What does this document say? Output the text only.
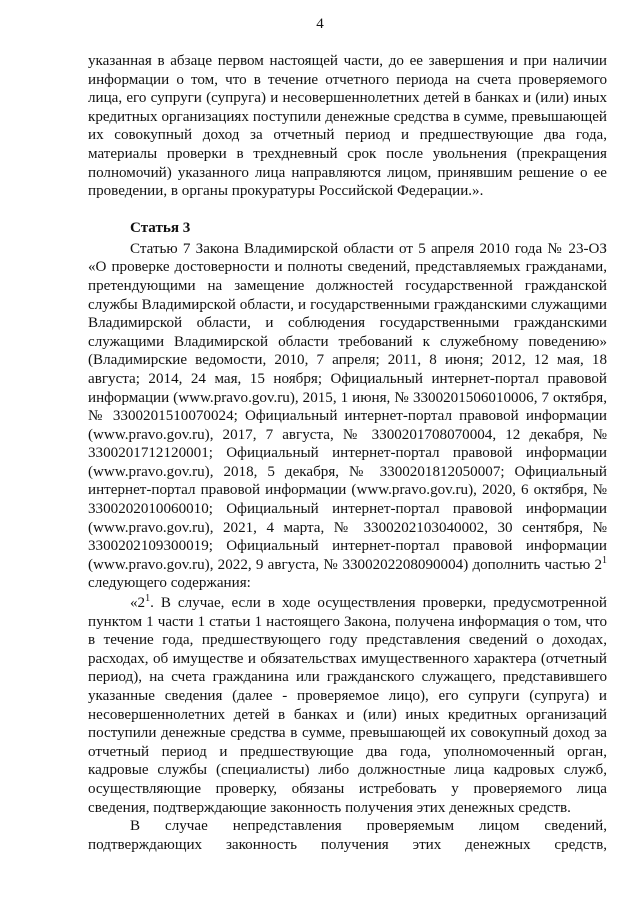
4

указанная в абзаце первом настоящей части, до ее завершения и при наличии информации о том, что в течение отчетного периода на счета проверяемого лица, его супруги (супруга) и несовершеннолетних детей в банках и (или) иных кредитных организациях поступили денежные средства в сумме, превышающей их совокупный доход за отчетный период и предшествующие два года, материалы проверки в трехдневный срок после увольнения (прекращения полномочий) указанного лица направляются лицом, принявшим решение о ее проведении, в органы прокуратуры Российской Федерации.».

Статья 3

Статью 7 Закона Владимирской области от 5 апреля 2010 года № 23-ОЗ «О проверке достоверности и полноты сведений, представляемых гражданами, претендующими на замещение должностей государственной гражданской службы Владимирской области, и государственными гражданскими служащими Владимирской области, и соблюдения государственными гражданскими служащими Владимирской области требований к служебному поведению» (Владимирские ведомости, 2010, 7 апреля; 2011, 8 июня; 2012, 12 мая, 18 августа; 2014, 24 мая, 15 ноября; Официальный интернет-портал правовой информации (www.pravo.gov.ru), 2015, 1 июня, № 3300201506010006, 7 октября, № 3300201510070024; Официальный интернет-портал правовой информации (www.pravo.gov.ru), 2017, 7 августа, № 3300201708070004, 12 декабря, № 3300201712120001; Официальный интернет-портал правовой информации (www.pravo.gov.ru), 2018, 5 декабря, № 3300201812050007; Официальный интернет-портал правовой информации (www.pravo.gov.ru), 2020, 6 октября, № 3300202010060010; Официальный интернет-портал правовой информации (www.pravo.gov.ru), 2021, 4 марта, № 3300202103040002, 30 сентября, № 3300202109300019; Официальный интернет-портал правовой информации (www.pravo.gov.ru), 2022, 9 августа, № 3300202208090004) дополнить частью $2^1$ следующего содержания:

«$2^1$. В случае, если в ходе осуществления проверки, предусмотренной пунктом 1 части 1 статьи 1 настоящего Закона, получена информация о том, что в течение года, предшествующего году представления сведений о доходах, расходах, об имуществе и обязательствах имущественного характера (отчетный период), на счета гражданина или гражданского служащего, представившего указанные сведения (далее - проверяемое лицо), его супруги (супруга) и несовершеннолетних детей в банках и (или) иных кредитных организаций поступили денежные средства в сумме, превышающей их совокупный доход за отчетный период и предшествующие два года, уполномоченный орган, кадровые службы (специалисты) либо должностные лица кадровых служб, осуществляющие проверку, обязаны истребовать у проверяемого лица сведения, подтверждающие законность получения этих денежных средств.

В случае непредставления проверяемым лицом сведений, подтверждающих законность получения этих денежных средств,
